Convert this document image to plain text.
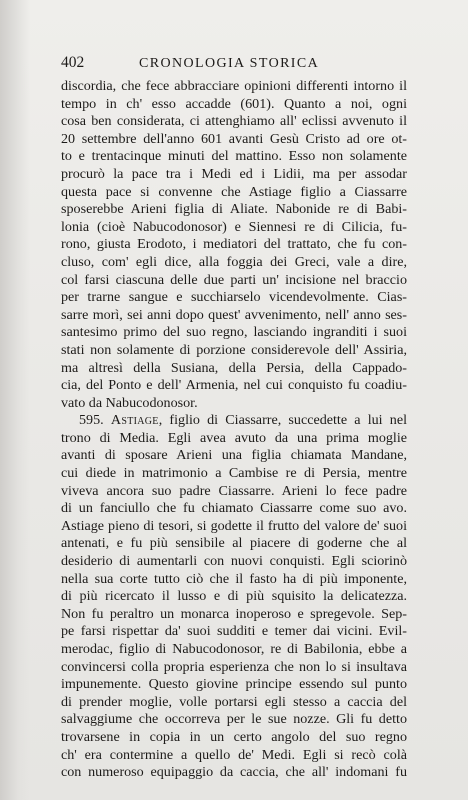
402	CRONOLOGIA STORICA
discordia, che fece abbracciare opinioni differenti intorno il
tempo in ch' esso accadde (601). Quanto a noi, ogni
cosa ben considerata, ci attenghiamo all' eclissi avvenuto il
20 settembre dell'anno 601 avanti Gesù Cristo ad ore ot-
to e trentacinque minuti del mattino. Esso non solamente
procurò la pace tra i Medi ed i Lidii, ma per assodar
questa pace si convenne che Astiage figlio a Ciassarre
sposerebbe Arieni figlia di Aliate. Nabonide re di Babi-
lonia (cioè Nabucodonosor) e Siennesi re di Cilicia, fu-
rono, giusta Erodoto, i mediatori del trattato, che fu con-
cluso, com' egli dice, alla foggia dei Greci, vale a dire,
col farsi ciascuna delle due parti un' incisione nel braccio
per trarne sangue e succhiarselo vicendevolmente. Cias-
sarre morì, sei anni dopo quest' avvenimento, nell' anno ses-
santesimo primo del suo regno, lasciando ingranditi i suoi
stati non solamente di porzione considerevole dell' Assiria,
ma altresì della Susiana, della Persia, della Cappado-
cia, del Ponto e dell' Armenia, nel cui conquisto fu coadiu-
vato da Nabucodonosor.
595. Astiage, figlio di Ciassarre, succedette a lui nel
trono di Media. Egli avea avuto da una prima moglie
avanti di sposare Arieni una figlia chiamata Mandane,
cui diede in matrimonio a Cambise re di Persia, mentre
viveva ancora suo padre Ciassarre. Arieni lo fece padre
di un fanciullo che fu chiamato Ciassarre come suo avo.
Astiage pieno di tesori, si godette il frutto del valore de' suoi
antenati, e fu più sensibile al piacere di goderne che al
desiderio di aumentarli con nuovi conquisti. Egli sciorinò
nella sua corte tutto ciò che il fasto ha di più imponente,
di più ricercato il lusso e di più squisito la delicatezza.
Non fu peraltro un monarca inoperoso e spregevole. Sep-
pe farsi rispettar da' suoi sudditi e temer dai vicini. Evil-
merodac, figlio di Nabucodonosor, re di Babilonia, ebbe a
convincersi colla propria esperienza che non lo si insultava
impunemente. Questo giovine principe essendo sul punto
di prender moglie, volle portarsi egli stesso a caccia del
salvaggiume che occorreva per le sue nozze. Gli fu detto
trovarsene in copia in un certo angolo del suo regno
ch' era contermine a quello de' Medi. Egli si recò colà
con numeroso equipaggio da caccia, che all' indomani fu
